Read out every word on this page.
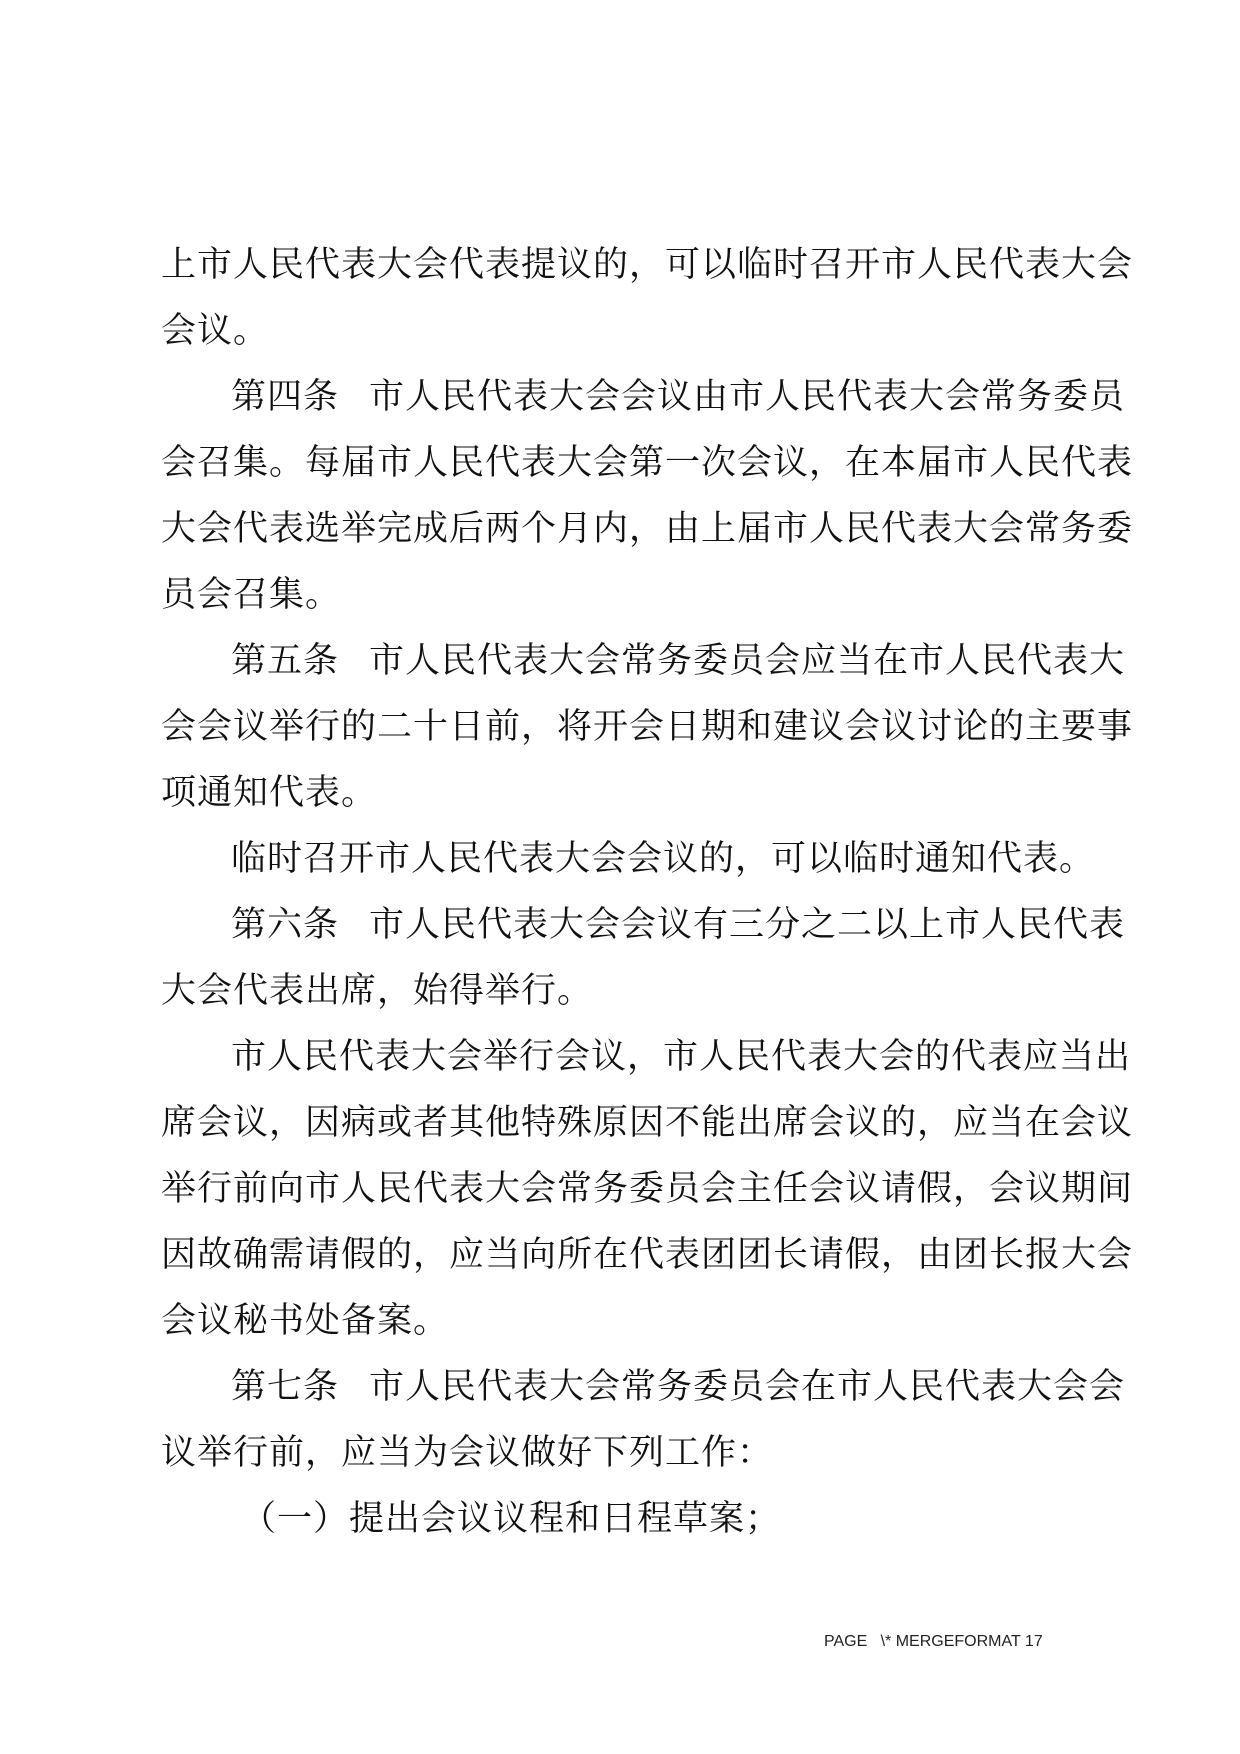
上市人民代表大会代表提议的，可以临时召开市人民代表大会
会议。
第四条 市人民代表大会会议由市人民代表大会常务委员
会召集。每届市人民代表大会第一次会议，在本届市人民代表
大会代表选举完成后两个月内，由上届市人民代表大会常务委
员会召集。
第五条 市人民代表大会常务委员会应当在市人民代表大
会会议举行的二十日前，将开会日期和建议会议讨论的主要事
项通知代表。
临时召开市人民代表大会会议的，可以临时通知代表。
第六条 市人民代表大会会议有三分之二以上市人民代表
大会代表出席，始得举行。
市人民代表大会举行会议，市人民代表大会的代表应当出
席会议，因病或者其他特殊原因不能出席会议的，应当在会议
举行前向市人民代表大会常务委员会主任会议请假，会议期间
因故确需请假的，应当向所在代表团团长请假，由团长报大会
会议秘书处备案。
第七条 市人民代表大会常务委员会在市人民代表大会会
议举行前，应当为会议做好下列工作：
（一）提出会议议程和日程草案；
PAGE   \* MERGEFORMAT 17
